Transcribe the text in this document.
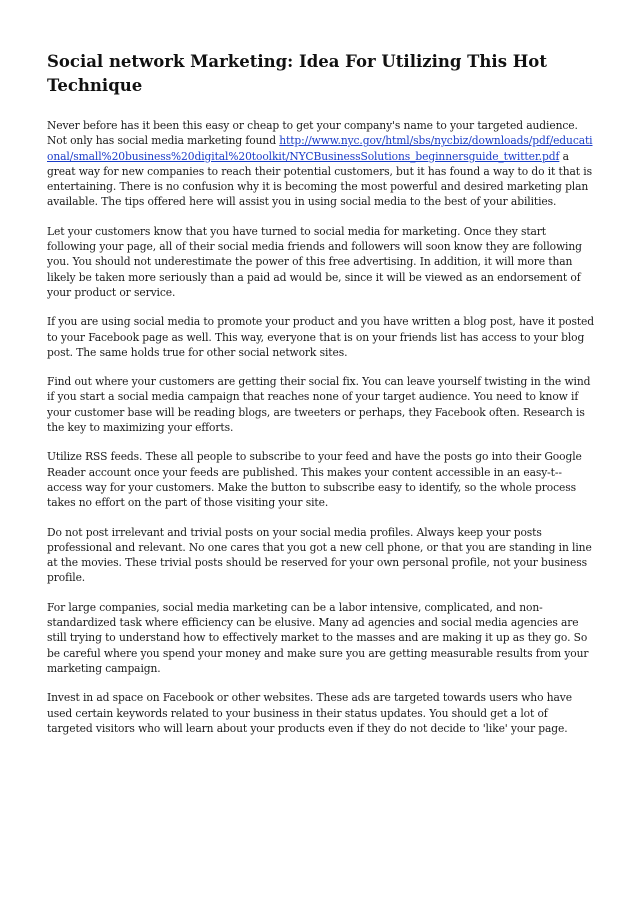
Social network Marketing: Idea For Utilizing This Hot Technique

Never before has it been this easy or cheap to get your company's name to your targeted audience. Not only has social media marketing found http://www.nyc.gov/html/sbs/nycbiz/downloads/pdf/educational/small%20business%20digital%20toolkit/NYCBusinessSolutions_beginnersguide_twitter.pdf a great way for new companies to reach their potential customers, but it has found a way to do it that is entertaining. There is no confusion why it is becoming the most powerful and desired marketing plan available. The tips offered here will assist you in using social media to the best of your abilities.

Let your customers know that you have turned to social media for marketing. Once they start following your page, all of their social media friends and followers will soon know they are following you. You should not underestimate the power of this free advertising. In addition, it will more than likely be taken more seriously than a paid ad would be, since it will be viewed as an endorsement of your product or service.

If you are using social media to promote your product and you have written a blog post, have it posted to your Facebook page as well. This way, everyone that is on your friends list has access to your blog post. The same holds true for other social network sites.

Find out where your customers are getting their social fix. You can leave yourself twisting in the wind if you start a social media campaign that reaches none of your target audience. You need to know if your customer base will be reading blogs, are tweeters or perhaps, they Facebook often. Research is the key to maximizing your efforts.

Utilize RSS feeds. These all people to subscribe to your feed and have the posts go into their Google Reader account once your feeds are published. This makes your content accessible in an easy-t--access way for your customers. Make the button to subscribe easy to identify, so the whole process takes no effort on the part of those visiting your site.

Do not post irrelevant and trivial posts on your social media profiles. Always keep your posts professional and relevant. No one cares that you got a new cell phone, or that you are standing in line at the movies. These trivial posts should be reserved for your own personal profile, not your business profile.

For large companies, social media marketing can be a labor intensive, complicated, and non-standardized task where efficiency can be elusive. Many ad agencies and social media agencies are still trying to understand how to effectively market to the masses and are making it up as they go. So be careful where you spend your money and make sure you are getting measurable results from your marketing campaign.

Invest in ad space on Facebook or other websites. These ads are targeted towards users who have used certain keywords related to your business in their status updates. You should get a lot of targeted visitors who will learn about your products even if they do not decide to 'like' your page.
